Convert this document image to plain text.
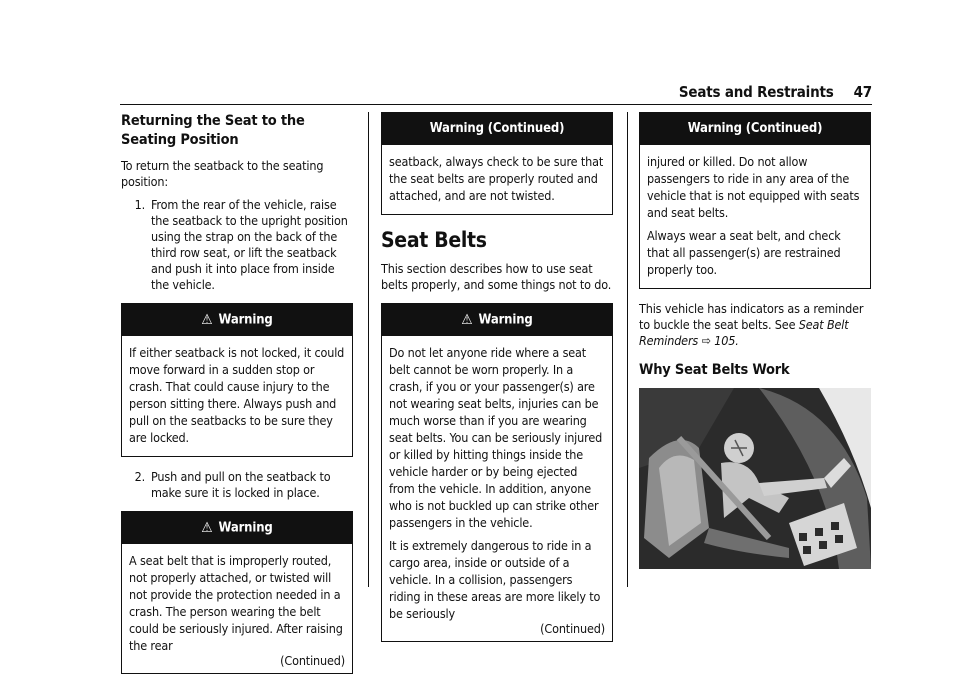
Seats and Restraints 47
Returning the Seat to the Seating Position

To return the seatback to the seating position:

1. From the rear of the vehicle, raise the seatback to the upright position using the strap on the back of the third row seat, or lift the seatback and push it into place from inside the vehicle.
⚠ Warning

If either seatback is not locked, it could move forward in a sudden stop or crash. That could cause injury to the person sitting there. Always push and pull on the seatbacks to be sure they are locked.

2. Push and pull on the seatback to make sure it is locked in place.
⚠ Warning

A seat belt that is improperly routed, not properly attached, or twisted will not provide the protection needed in a crash. The person wearing the belt could be seriously injured. After raising the rear

(Continued)
Warning (Continued)

seatback, always check to be sure that the seat belts are properly routed and attached, and are not twisted.

Seat Belts

This section describes how to use seat belts properly, and some things not to do.

⚠ Warning

Do not let anyone ride where a seat belt cannot be worn properly. In a crash, if you or your passenger(s) are not wearing seat belts, injuries can be much worse than if you are wearing seat belts. You can be seriously injured or killed by hitting things inside the vehicle harder or by being ejected from the vehicle. In addition, anyone who is not buckled up can strike other passengers in the vehicle.

It is extremely dangerous to ride in a cargo area, inside or outside of a vehicle. In a collision, passengers riding in these areas are more likely to be seriously

(Continued)
Warning (Continued)

injured or killed. Do not allow passengers to ride in any area of the vehicle that is not equipped with seats and seat belts.

Always wear a seat belt, and check that all passenger(s) are restrained properly too.

This vehicle has indicators as a reminder to buckle the seat belts. See Seat Belt Reminders ⇨ 105.

Why Seat Belts Work
